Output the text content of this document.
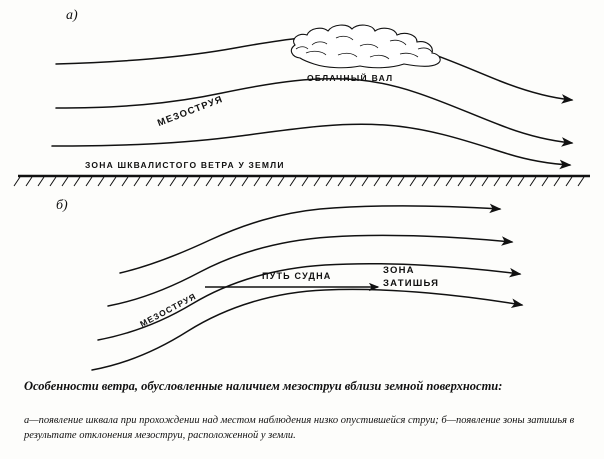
а)
б)
ОБЛАЧНЫЙ ВАЛ
ЗОНА ШКВАЛИСТОГО ВЕТРА У ЗЕМЛИ
МЕЗОСТРУЯ
МЕЗОСТРУЯ
ПУТЬ СУДНА	ЗОНА
ЗАТИШЬЯ
Особенности ветра, обусловленные наличием мезоструи вблизи земной поверхности:
а—появление шквала при прохождении над местом наблюдения низко опустившейся струи; б—появление зоны затишья в результате отклонения мезоструи, расположенной у земли.
